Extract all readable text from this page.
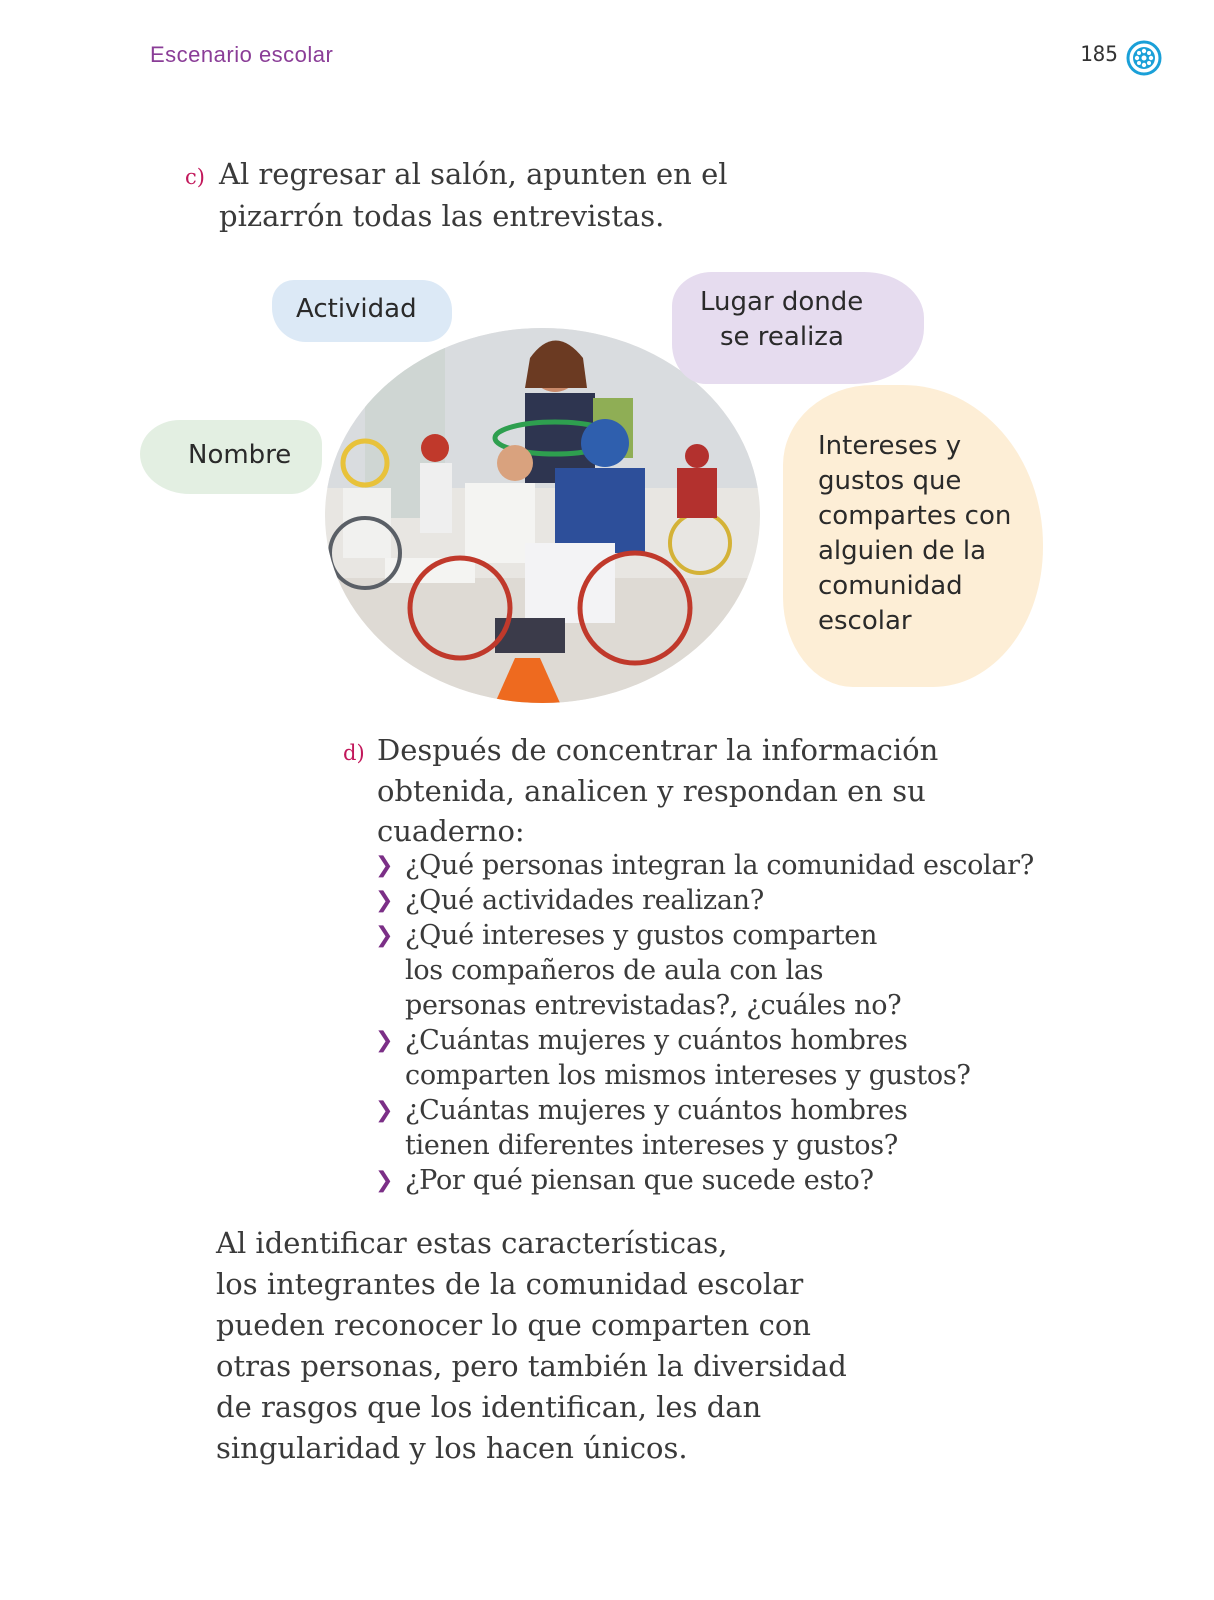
Escenario escolar	185
c) Al regresar al salón, apunten en el
pizarrón todas las entrevistas.
Actividad	Lugar donde
se realiza
Nombre	Intereses y
gustos que
compartes con
alguien de la
comunidad
escolar
d) Después de concentrar la información
obtenida, analicen y respondan en su
cuaderno:
❯ ¿Qué personas integran la comunidad escolar?
❯ ¿Qué actividades realizan?
❯ ¿Qué intereses y gustos comparten
los compañeros de aula con las
personas entrevistadas?, ¿cuáles no?
❯ ¿Cuántas mujeres y cuántos hombres
comparten los mismos intereses y gustos?
❯ ¿Cuántas mujeres y cuántos hombres
tienen diferentes intereses y gustos?
❯ ¿Por qué piensan que sucede esto?
Al identificar estas características,
los integrantes de la comunidad escolar
pueden reconocer lo que comparten con
otras personas, pero también la diversidad
de rasgos que los identifican, les dan
singularidad y los hacen únicos.
